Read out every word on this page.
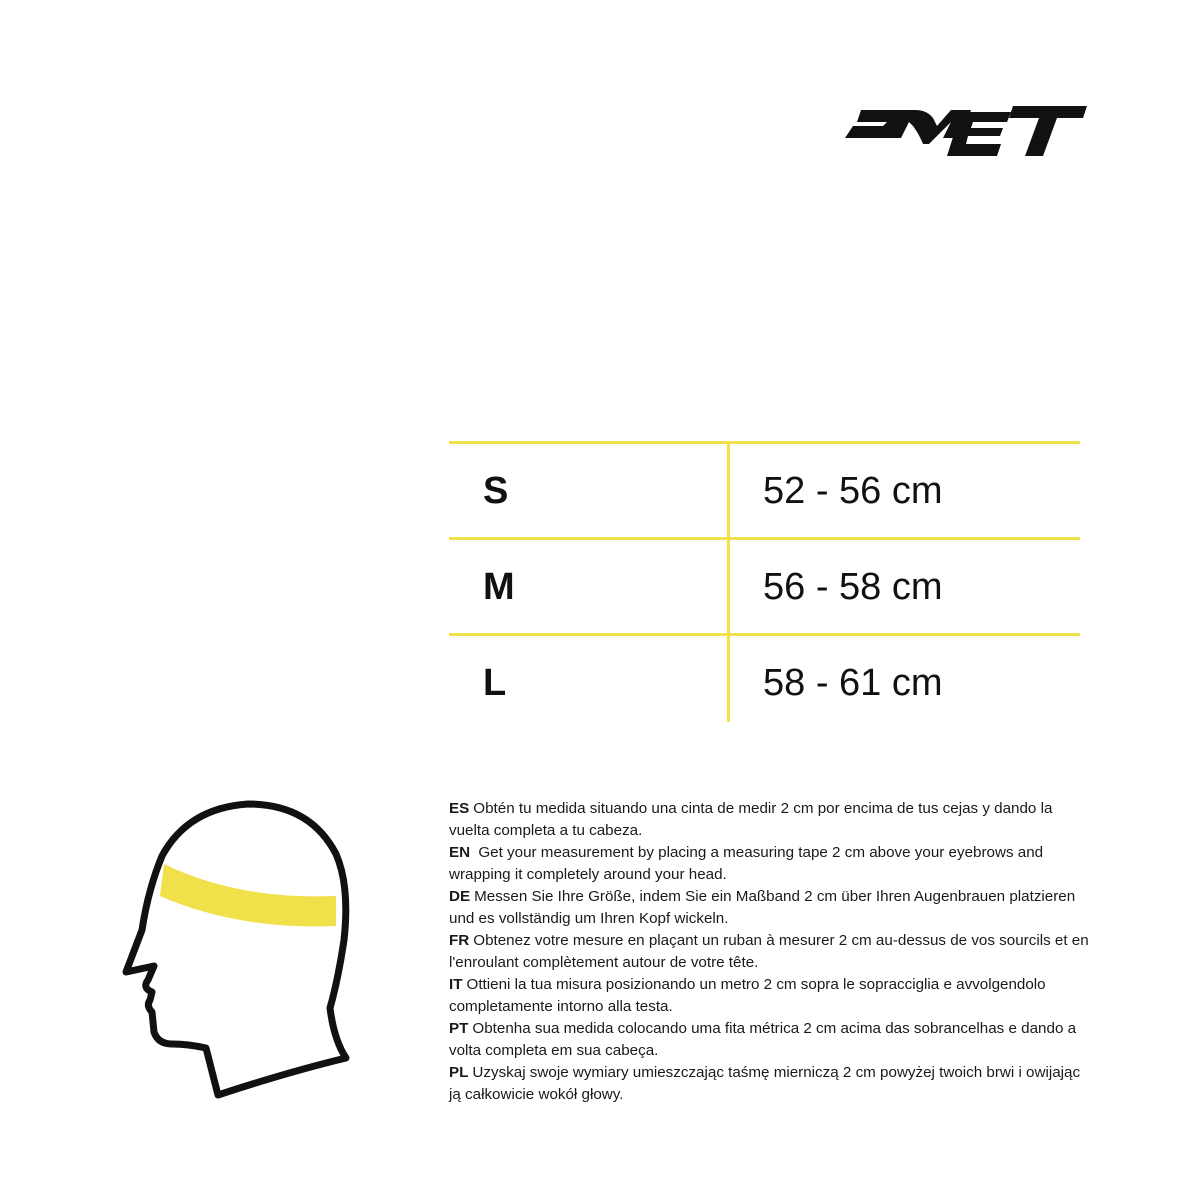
S	52 - 56 cm
M	56 - 58 cm
L	58 - 61 cm

ES Obtén tu medida situando una cinta de medir 2 cm por encima de tus cejas y dando la vuelta completa a tu cabeza.

EN Get your measurement by placing a measuring tape 2 cm above your eyebrows and wrapping it completely around your head.

DE Messen Sie Ihre Größe, indem Sie ein Maßband 2 cm über Ihren Augenbrauen platzieren und es vollständig um Ihren Kopf wickeln.

FR Obtenez votre mesure en plaçant un ruban à mesurer 2 cm au-dessus de vos sourcils et en l'enroulant complètement autour de votre tête.

IT Ottieni la tua misura posizionando un metro 2 cm sopra le sopracciglia e avvolgendolo completamente intorno alla testa.

PT Obtenha sua medida colocando uma fita métrica 2 cm acima das sobrancelhas e dando a volta completa em sua cabeça.

PL Uzyskaj swoje wymiary umieszczając taśmę mierniczą 2 cm powyżej twoich brwi i owijając ją całkowicie wokół głowy.
